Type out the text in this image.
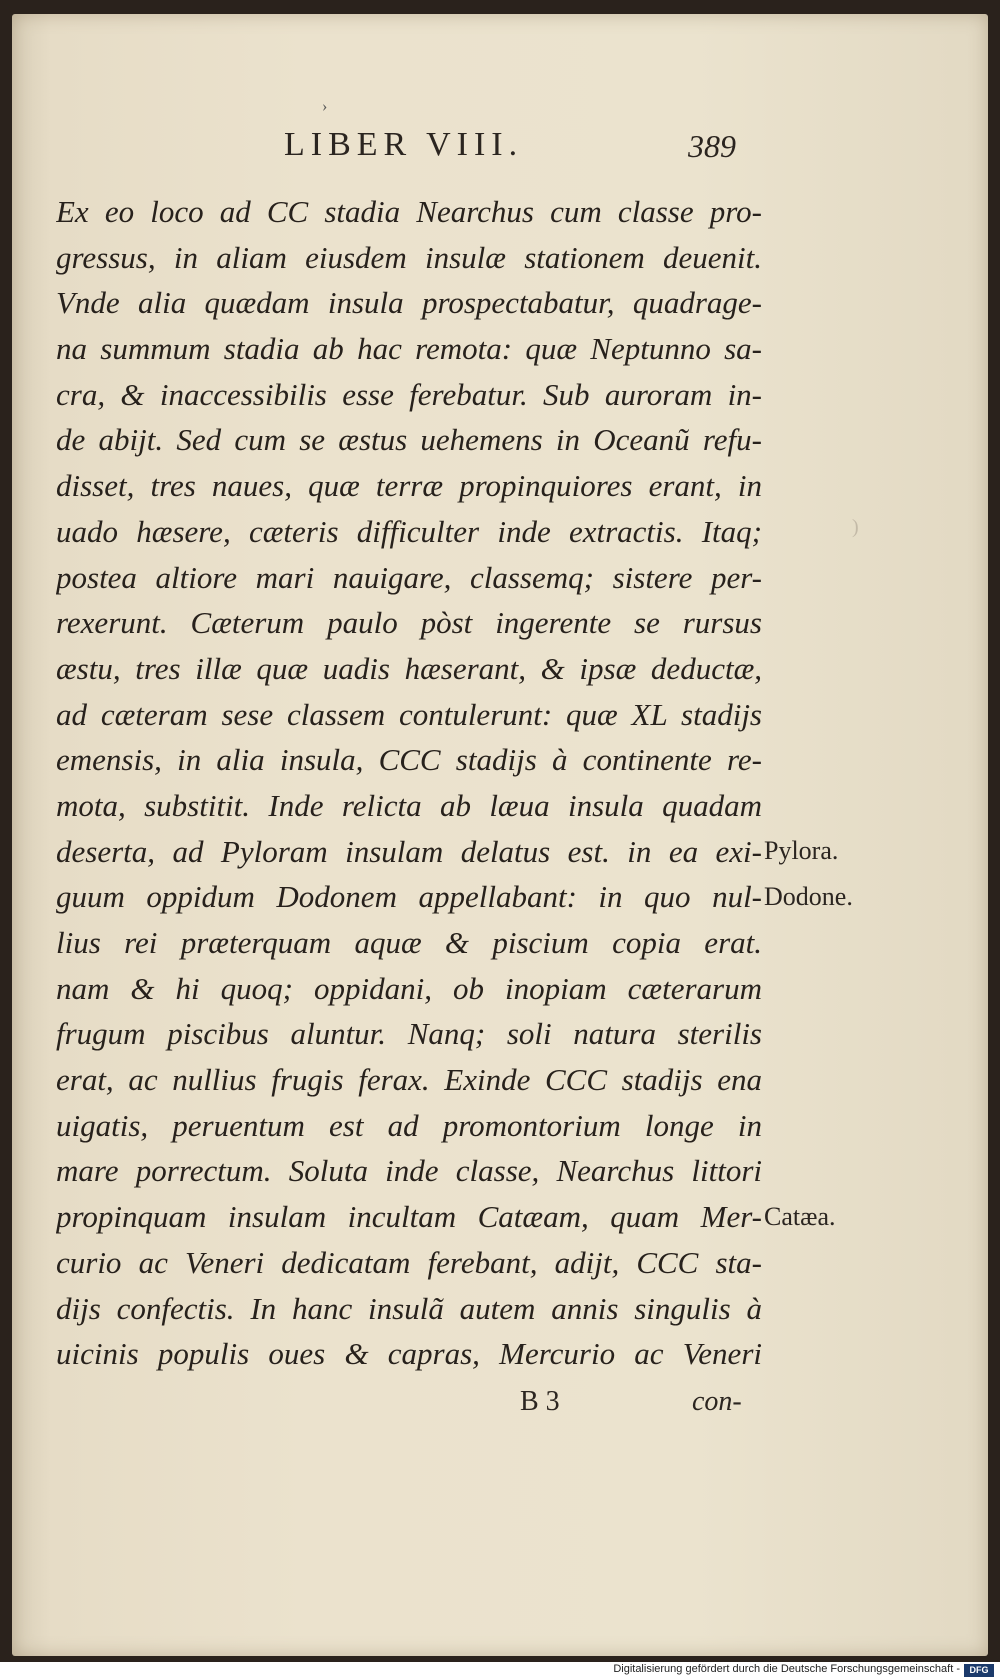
›
LIBER VIII.	389
Ex eo loco ad CC stadia Nearchus cum classe pro-
gressus, in aliam eiusdem insulæ stationem deuenit.
Vnde alia quædam insula prospectabatur, quadrage-
na summum stadia ab hac remota: quæ Neptunno sa-
cra, & inaccessibilis esse ferebatur. Sub auroram in-
de abijt. Sed cum se æstus uehemens in Oceanũ refu-
disset, tres naues, quæ terræ propinquiores erant, in
uado hæsere, cæteris difficulter inde extractis. Itaq;
postea altiore mari nauigare, classemq; sistere per-
rexerunt. Cæterum paulo pòst ingerente se rursus
æstu, tres illæ quæ uadis hæserant, & ipsæ deductæ,
ad cæteram sese classem contulerunt: quæ XL stadijs
emensis, in alia insula, CCC stadijs à continente re-
mota, substitit. Inde relicta ab læua insula quadam
deserta, ad Pyloram insulam delatus est. in ea exi-
guum oppidum Dodonem appellabant: in quo nul-
lius rei præterquam aquæ & piscium copia erat.
nam & hi quoq; oppidani, ob inopiam cæterarum
frugum piscibus aluntur. Nanq; soli natura sterilis
erat, ac nullius frugis ferax. Exinde CCC stadijs ena
uigatis, peruentum est ad promontorium longe in
mare porrectum. Soluta inde classe, Nearchus littori
propinquam insulam incultam Catæam, quam Mer-
curio ac Veneri dedicatam ferebant, adijt, CCC sta-
dijs confectis. In hanc insulã autem annis singulis à
uicinis populis oues & capras, Mercurio ac Veneri
Pylora.
Dodone.
Catæa.
B 3	con-
)
Digitalisierung gefördert durch die Deutsche Forschungsgemeinschaft -	DFG
